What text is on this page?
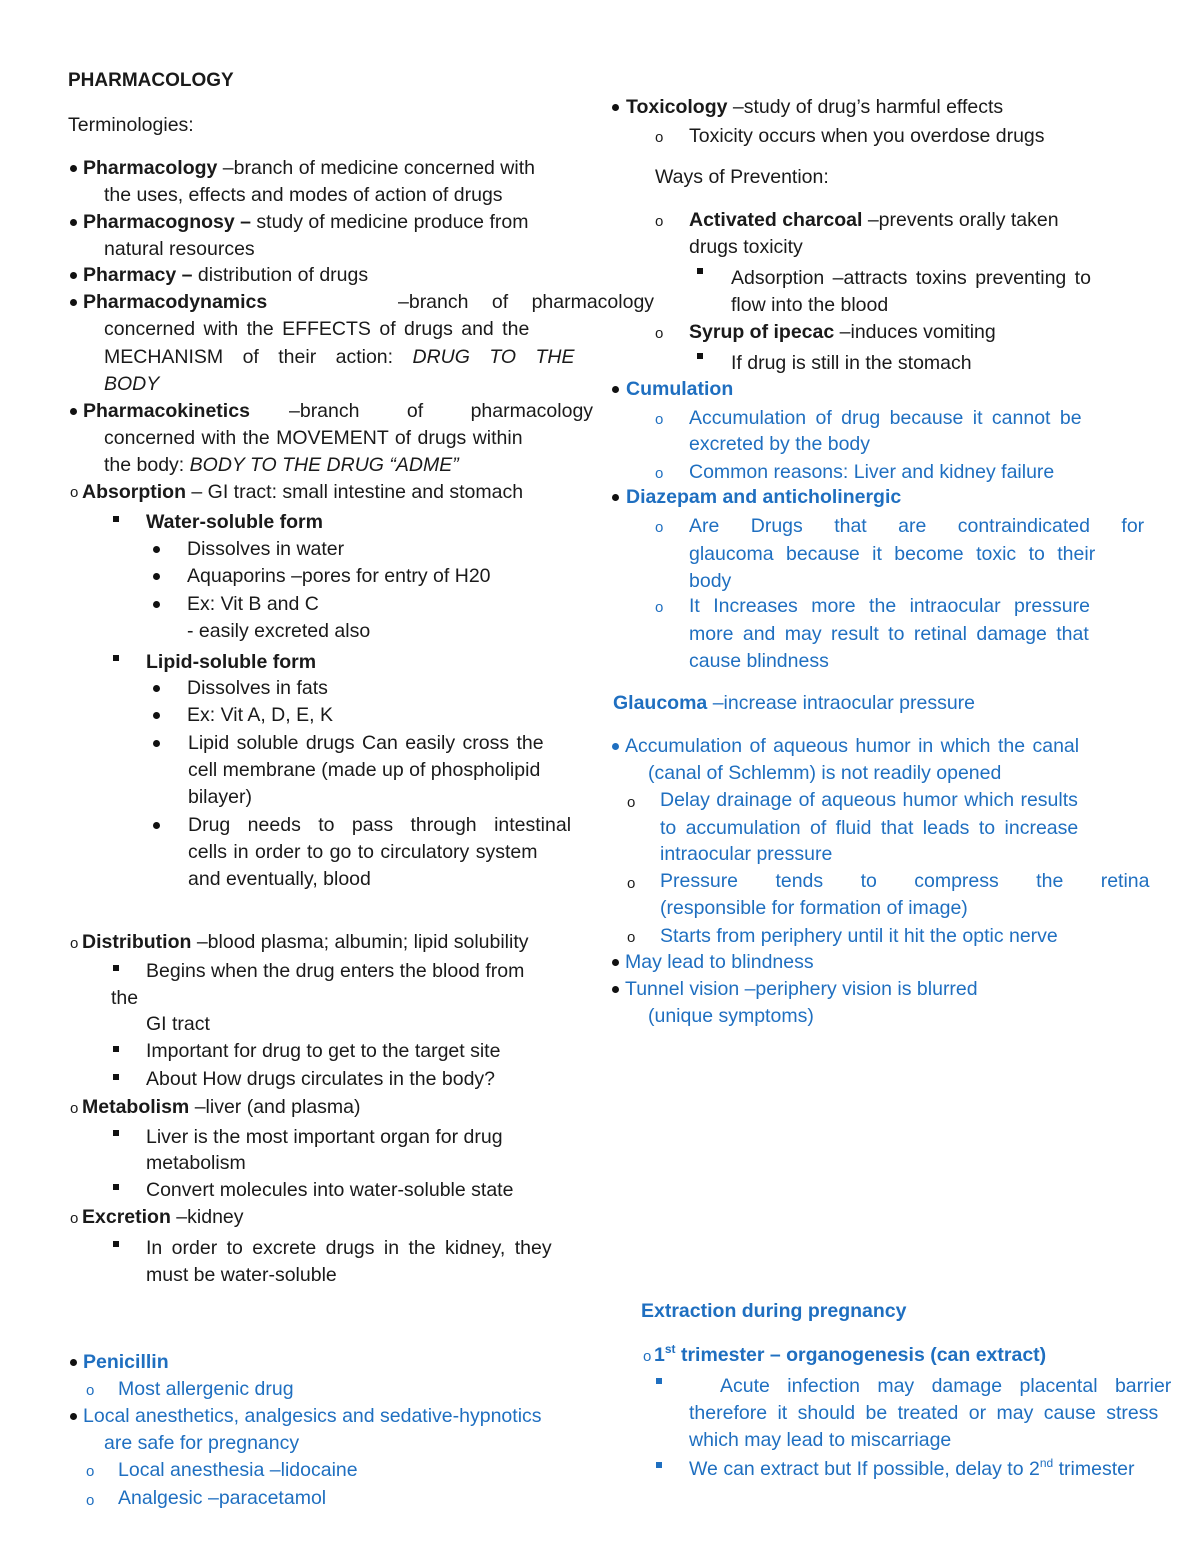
PHARMACOLOGY
Terminologies:
Pharmacology –branch of medicine concerned with
the uses, effects and modes of action of drugs
Pharmacognosy – study of medicine produce from
natural resources
Pharmacy – distribution of drugs
Pharmacodynamics	–branch of pharmacology
concerned with the EFFECTS of drugs and the
MECHANISM of their action: DRUG TO THE
BODY
Pharmacokinetics –branch of pharmacology
concerned with the MOVEMENT of drugs within
the body: BODY TO THE DRUG “ADME”
o Absorption – GI tract: small intestine and stomach
Water-soluble form
Dissolves in water
Aquaporins –pores for entry of H20
Ex: Vit B and C
- easily excreted also
Lipid-soluble form
Dissolves in fats
Ex: Vit A, D, E, K
Lipid soluble drugs Can easily cross the
cell membrane (made up of phospholipid
bilayer)
Drug needs to pass through intestinal
cells in order to go to circulatory system
and eventually, blood
o Distribution –blood plasma; albumin; lipid solubility
Begins when the drug enters the blood from
the
GI tract
Important for drug to get to the target site
About How drugs circulates in the body?
o Metabolism –liver (and plasma)
Liver is the most important organ for drug
metabolism
Convert molecules into water-soluble state
o Excretion –kidney
In order to excrete drugs in the kidney, they
must be water-soluble
Penicillin
o Most allergenic drug
Local anesthetics, analgesics and sedative-hypnotics
are safe for pregnancy
o Local anesthesia –lidocaine
o Analgesic –paracetamol
Toxicology –study of drug’s harmful effects
o Toxicity occurs when you overdose drugs
Ways of Prevention:
o Activated charcoal –prevents orally taken
drugs toxicity
Adsorption –attracts toxins preventing to
flow into the blood
o Syrup of ipecac –induces vomiting
If drug is still in the stomach
Cumulation
o Accumulation of drug because it cannot be
excreted by the body
o Common reasons: Liver and kidney failure
Diazepam and anticholinergic
o Are Drugs that are contraindicated for
glaucoma because it become toxic to their
body
o It Increases more the intraocular pressure
more and may result to retinal damage that
cause blindness
Glaucoma –increase intraocular pressure
Accumulation of aqueous humor in which the canal
(canal of Schlemm) is not readily opened
o Delay drainage of aqueous humor which results
to accumulation of fluid that leads to increase
intraocular pressure
o Pressure tends to compress the retina
(responsible for formation of image)
o Starts from periphery until it hit the optic nerve
May lead to blindness
Tunnel vision –periphery vision is blurred
(unique symptoms)
Extraction during pregnancy
o 1st trimester – organogenesis (can extract)
Acute infection may damage placental barrier
therefore it should be treated or may cause stress
which may lead to miscarriage
We can extract but If possible, delay to 2nd trimester
